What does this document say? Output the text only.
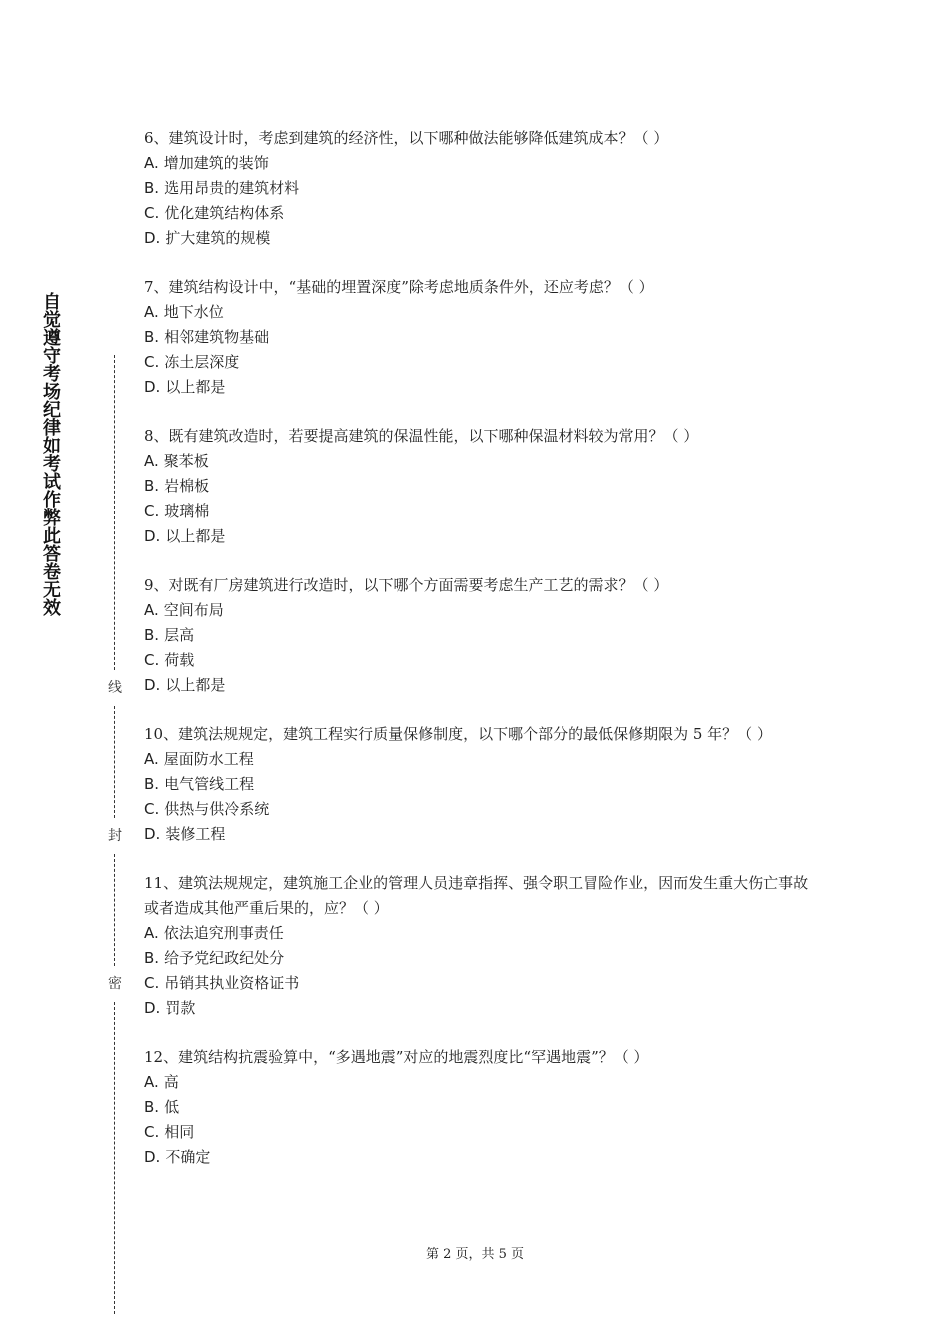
自觉遵守考场纪律如考试作弊此答卷无效
线
封
密

6、建筑设计时，考虑到建筑的经济性，以下哪种做法能够降低建筑成本？（ ）

A. 增加建筑的装饰

B. 选用昂贵的建筑材料

C. 优化建筑结构体系

D. 扩大建筑的规模

7、建筑结构设计中，“基础的埋置深度”除考虑地质条件外，还应考虑？（ ）

A. 地下水位

B. 相邻建筑物基础

C. 冻土层深度

D. 以上都是

8、既有建筑改造时，若要提高建筑的保温性能，以下哪种保温材料较为常用？（ ）

A. 聚苯板

B. 岩棉板

C. 玻璃棉

D. 以上都是

9、对既有厂房建筑进行改造时，以下哪个方面需要考虑生产工艺的需求？（ ）

A. 空间布局

B. 层高

C. 荷载

D. 以上都是

10、建筑法规规定，建筑工程实行质量保修制度，以下哪个部分的最低保修期限为 5 年？（ ）

A. 屋面防水工程

B. 电气管线工程

C. 供热与供冷系统

D. 装修工程

11、建筑法规规定，建筑施工企业的管理人员违章指挥、强令职工冒险作业，因而发生重大伤亡事故或者造成其他严重后果的，应？（ ）

A. 依法追究刑事责任

B. 给予党纪政纪处分

C. 吊销其执业资格证书

D. 罚款

12、建筑结构抗震验算中，“多遇地震”对应的地震烈度比“罕遇地震”？（ ）

A. 高

B. 低

C. 相同

D. 不确定

第 2 页，共 5 页
